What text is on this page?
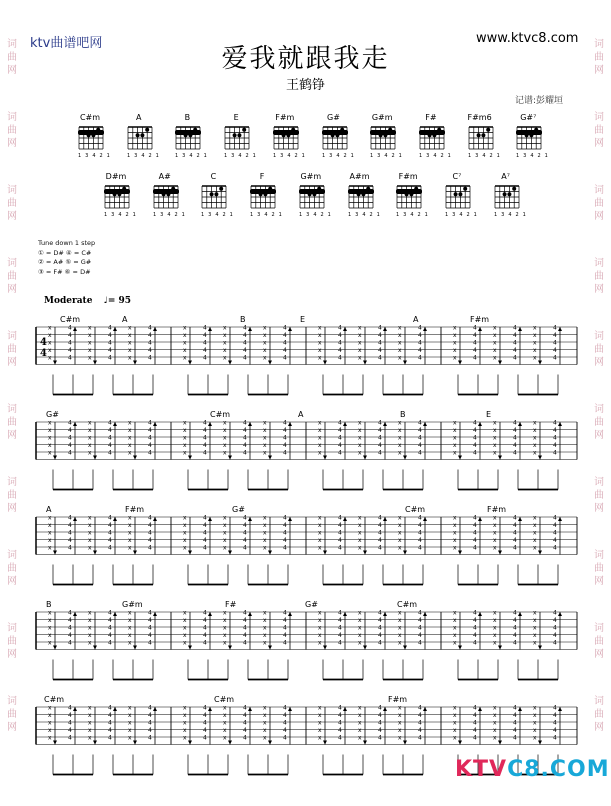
ktv曲谱吧网	www.ktvc8.com
爱我就跟我走
王鹤铮
记谱:彭耀垣
词
曲
网
词
曲
网
词
曲
网
词
曲
网
词
曲
网
词
曲
网
词
曲
网
词
曲
网
词
曲
网
词
曲
网
词
曲
网
词
曲
网
词
曲
网
词
曲
网
词
曲
网
词
曲
网
词
曲
网
词
曲
网
词
曲
网
词
曲
网
C#m
1 3 4 2 1
A
1 3 4 2 1
B
1 3 4 2 1
E
1 3 4 2 1
F#m
1 3 4 2 1
G#
1 3 4 2 1
G#m
1 3 4 2 1
F#
1 3 4 2 1
F#m6
1 3 4 2 1
G#⁷
1 3 4 2 1
D#m
1 3 4 2 1
A#
1 3 4 2 1
C
1 3 4 2 1
F
1 3 4 2 1
G#m
1 3 4 2 1
A#m
1 3 4 2 1
F#m
1 3 4 2 1
C⁷
1 3 4 2 1
A⁷
1 3 4 2 1
Tune down 1 step
① = D# ④ = C#
② = A# ⑤ = G#
③ = F# ⑥ = D#
Moderate ♩= 95
C#m	A	B	E	A	F#m
x
x
x
x
x
4
4
4
4
4
x
x
x
x
x
4
4
4
4
4
x
x
x
x
x
4
4
4
4
4
x
x
x
x
x
4
4
4
4
4
x
x
x
x
x
4
4
4
4
4
x
x
x
x
x
4
4
4
4
4
x
x
x
x
x
4
4
4
4
4
x
x
x
x
x
4
4
4
4
4
x
x
x
x
x
4
4
4
4
4
x
x
x
x
x
4
4
4
4
4
x
x
x
x
x
4
4
4
4
4
x
x
x
x
x
4
4
4
4
4
4
4
G#	C#m	A	B	E
x
x
x
x
x
4
4
4
4
4
x
x
x
x
x
4
4
4
4
4
x
x
x
x
x
4
4
4
4
4
x
x
x
x
x
4
4
4
4
4
x
x
x
x
x
4
4
4
4
4
x
x
x
x
x
4
4
4
4
4
x
x
x
x
x
4
4
4
4
4
x
x
x
x
x
4
4
4
4
4
x
x
x
x
x
4
4
4
4
4
x
x
x
x
x
4
4
4
4
4
x
x
x
x
x
4
4
4
4
4
x
x
x
x
x
4
4
4
4
4
A	F#m	G#	C#m	F#m
x
x
x
x
x
4
4
4
4
4
x
x
x
x
x
4
4
4
4
4
x
x
x
x
x
4
4
4
4
4
x
x
x
x
x
4
4
4
4
4
x
x
x
x
x
4
4
4
4
4
x
x
x
x
x
4
4
4
4
4
x
x
x
x
x
4
4
4
4
4
x
x
x
x
x
4
4
4
4
4
x
x
x
x
x
4
4
4
4
4
x
x
x
x
x
4
4
4
4
4
x
x
x
x
x
4
4
4
4
4
x
x
x
x
x
4
4
4
4
4
B	G#m	F#	G#	C#m
x
x
x
x
x
4
4
4
4
4
x
x
x
x
x
4
4
4
4
4
x
x
x
x
x
4
4
4
4
4
x
x
x
x
x
4
4
4
4
4
x
x
x
x
x
4
4
4
4
4
x
x
x
x
x
4
4
4
4
4
x
x
x
x
x
4
4
4
4
4
x
x
x
x
x
4
4
4
4
4
x
x
x
x
x
4
4
4
4
4
x
x
x
x
x
4
4
4
4
4
x
x
x
x
x
4
4
4
4
4
x
x
x
x
x
4
4
4
4
4
C#m	C#m	F#m
x
x
x
x
x
4
4
4
4
4
x
x
x
x
x
4
4
4
4
4
x
x
x
x
x
4
4
4
4
4
x
x
x
x
x
4
4
4
4
4
x
x
x
x
x
4
4
4
4
4
x
x
x
x
x
4
4
4
4
4
x
x
x
x
x
4
4
4
4
4
x
x
x
x
x
4
4
4
4
4
x
x
x
x
x
4
4
4
4
4
x
x
x
x
x
4
4
4
4
4
x
x
x
x
x
4
4
4
4
4
x
x
x
x
x
4
4
4
4
4
KTVC8.COM
